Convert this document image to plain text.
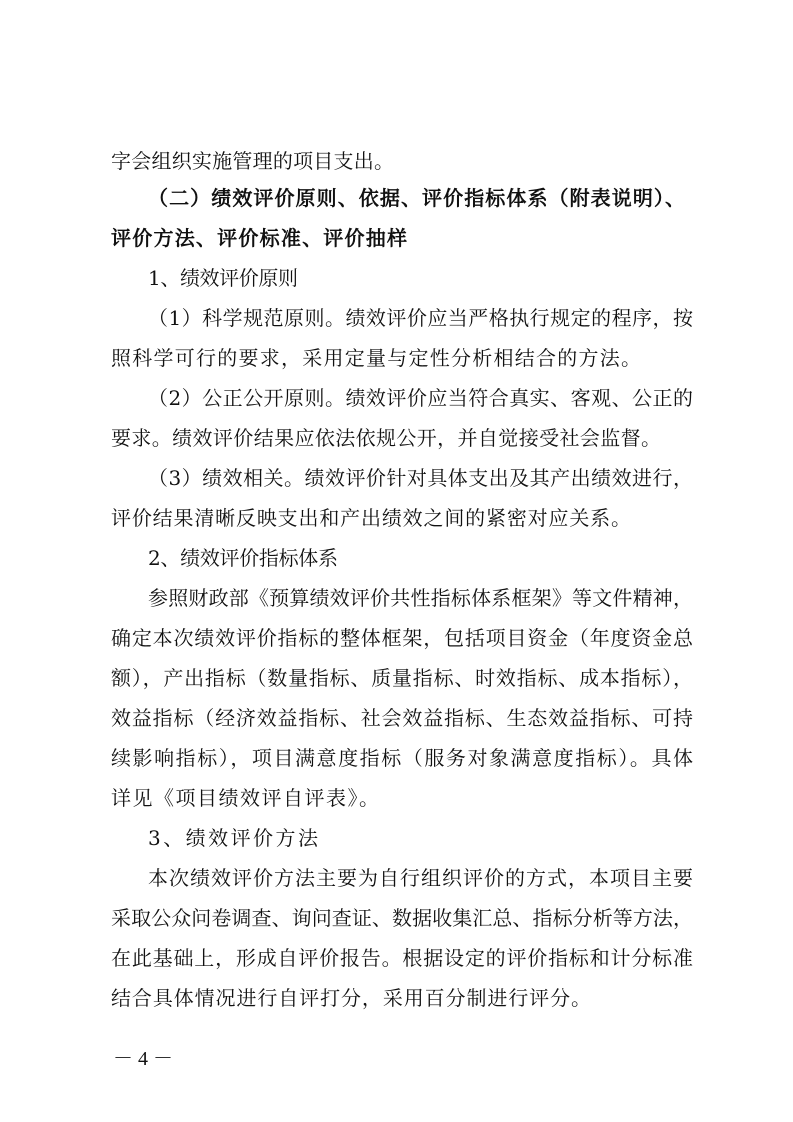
字会组织实施管理的项目支出。
（二）绩效评价原则、依据、评价指标体系（附表说明）、
评价方法、评价标准、评价抽样
1、绩效评价原则
（1）科学规范原则。绩效评价应当严格执行规定的程序，按
照科学可行的要求，采用定量与定性分析相结合的方法。
（2）公正公开原则。绩效评价应当符合真实、客观、公正的
要求。绩效评价结果应依法依规公开，并自觉接受社会监督。
（3）绩效相关。绩效评价针对具体支出及其产出绩效进行，
评价结果清晰反映支出和产出绩效之间的紧密对应关系。
2、绩效评价指标体系
参照财政部《预算绩效评价共性指标体系框架》等文件精神，
确定本次绩效评价指标的整体框架，包括项目资金（年度资金总
额），产出指标（数量指标、质量指标、时效指标、成本指标），
效益指标（经济效益指标、社会效益指标、生态效益指标、可持
续影响指标），项目满意度指标（服务对象满意度指标）。具体
详见《项目绩效评自评表》。
3、绩效评价方法
本次绩效评价方法主要为自行组织评价的方式，本项目主要
采取公众问卷调查、询问查证、数据收集汇总、指标分析等方法，
在此基础上，形成自评价报告。根据设定的评价指标和计分标准
结合具体情况进行自评打分，采用百分制进行评分。
－ 4 －
